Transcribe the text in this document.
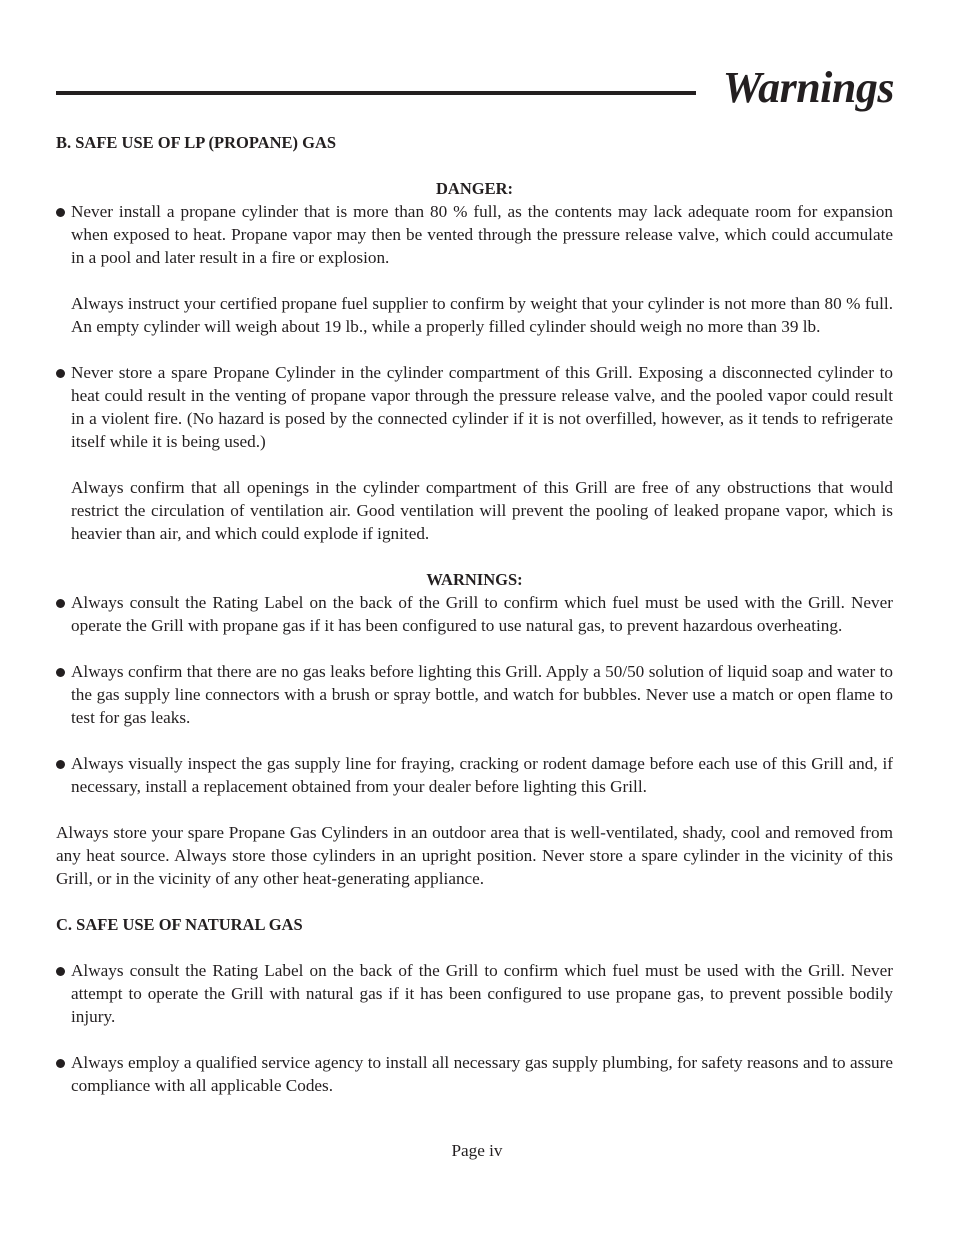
Warnings

B. SAFE USE OF LP (PROPANE) GAS

DANGER:

Never install a propane cylinder that is more than 80 % full, as the contents may lack adequate room for expansion when exposed to heat. Propane vapor may then be vented through the pressure release valve, which could accumulate in a pool and later result in a fire or explosion.

Always instruct your certified propane fuel supplier to confirm by weight that your cylinder is not more than 80 % full. An empty cylinder will weigh about 19 lb., while a properly filled cylinder should weigh no more than 39 lb.

Never store a spare Propane Cylinder in the cylinder compartment of this Grill. Exposing a disconnected cylinder to heat could result in the venting of propane vapor through the pressure release valve, and the pooled vapor could result in a violent fire. (No hazard is posed by the connected cylinder if it is not overfilled, however, as it tends to refrigerate itself while it is being used.)

Always confirm that all openings in the cylinder compartment of this Grill are free of any obstructions that would restrict the circulation of ventilation air. Good ventilation will prevent the pooling of leaked propane vapor, which is heavier than air, and which could explode if ignited.

WARNINGS:

Always consult the Rating Label on the back of the Grill to confirm which fuel must be used with the Grill. Never operate the Grill with propane gas if it has been configured to use natural gas, to prevent hazardous overheating.

Always confirm that there are no gas leaks before lighting this Grill. Apply a 50/50 solution of liquid soap and water to the gas supply line connectors with a brush or spray bottle, and watch for bubbles. Never use a match or open flame to test for gas leaks.

Always visually inspect the gas supply line for fraying, cracking or rodent damage before each use of this Grill and, if necessary, install a replacement obtained from your dealer before lighting this Grill.

Always store your spare Propane Gas Cylinders in an outdoor area that is well-ventilated, shady, cool and removed from any heat source. Always store those cylinders in an upright position. Never store a spare cylinder in the vicinity of this Grill, or in the vicinity of any other heat-generating appliance.

C. SAFE USE OF NATURAL GAS

Always consult the Rating Label on the back of the Grill to confirm which fuel must be used with the Grill. Never attempt to operate the Grill with natural gas if it has been configured to use propane gas, to prevent possible bodily injury.

Always employ a qualified service agency to install all necessary gas supply plumbing, for safety reasons and to assure compliance with all applicable Codes.

Page iv
